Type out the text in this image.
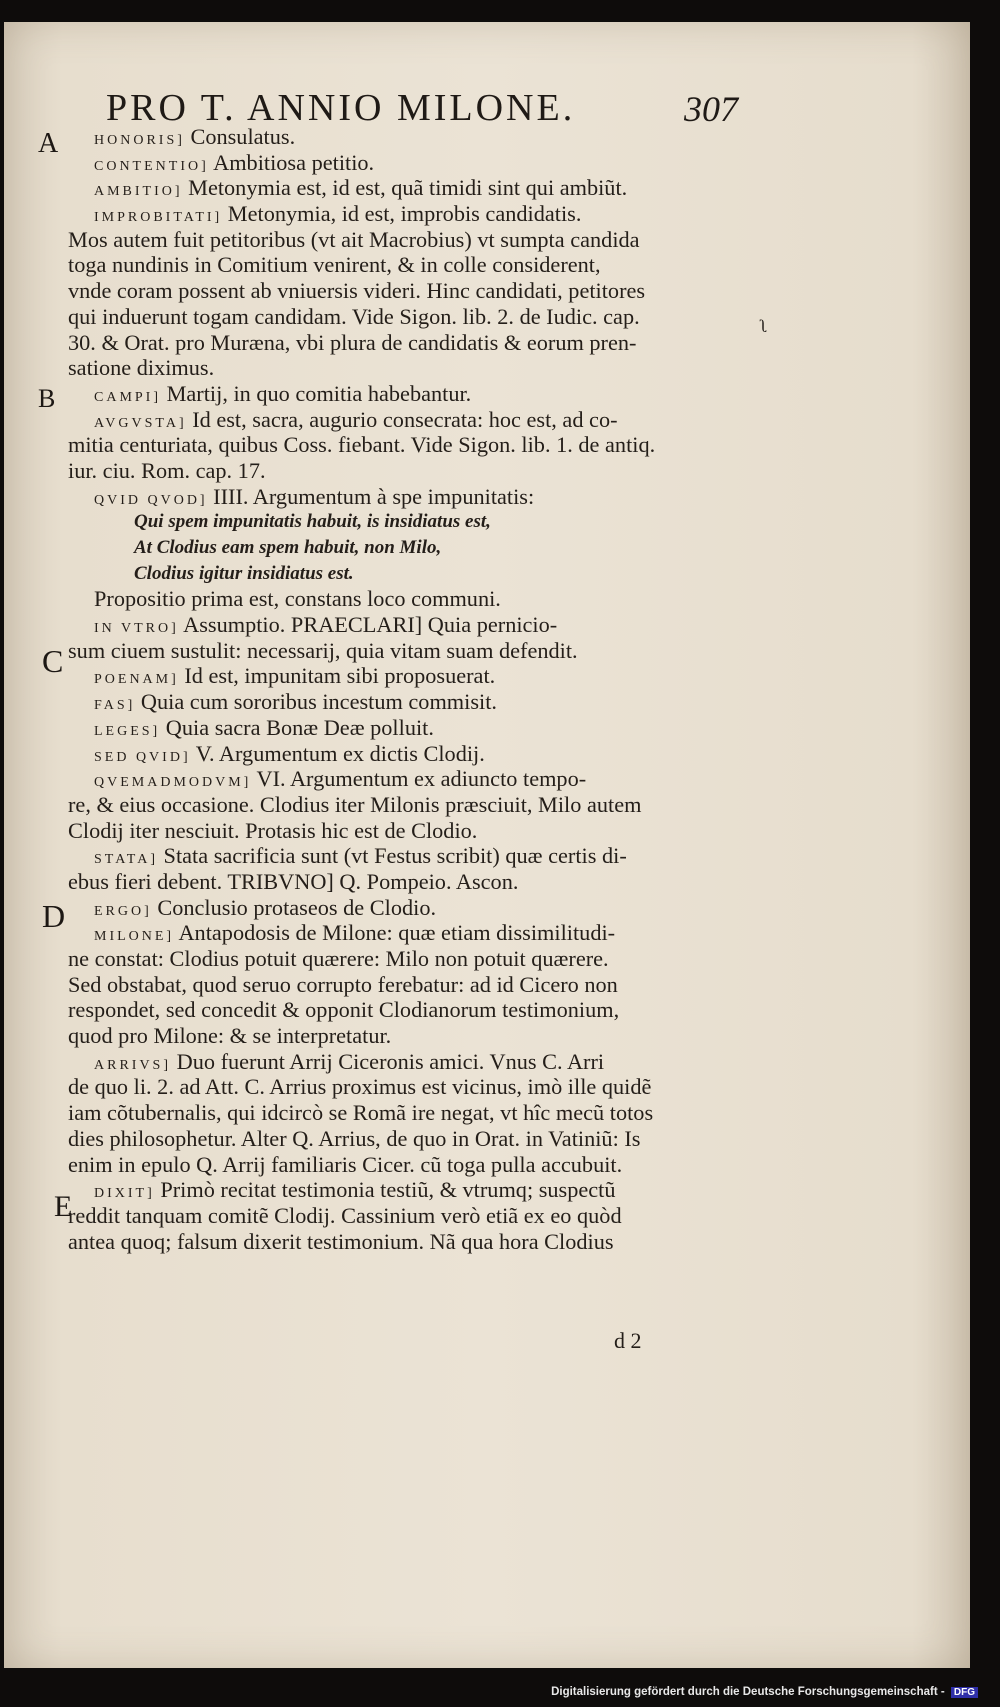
PRO T. ANNIO MILONE.	307
A
B
C
D
E
ʅ
HONORIS] Consulatus.
CONTENTIO] Ambitiosa petitio.
AMBITIO] Metonymia est, id est, quã timidi sint qui ambiũt.
IMPROBITATI] Metonymia, id est, improbis candidatis.
Mos autem fuit petitoribus (vt ait Macrobius) vt sumpta candida
toga nundinis in Comitium venirent, & in colle considerent,
vnde coram possent ab vniuersis videri. Hinc candidati, petitores
qui induerunt togam candidam. Vide Sigon. lib. 2. de Iudic. cap.
30. & Orat. pro Muræna, vbi plura de candidatis & eorum pren-
satione diximus.
CAMPI] Martij, in quo comitia habebantur.
AVGVSTA] Id est, sacra, augurio consecrata: hoc est, ad co-
mitia centuriata, quibus Coss. fiebant. Vide Sigon. lib. 1. de antiq.
iur. ciu. Rom. cap. 17.
QVID QVOD] IIII. Argumentum à spe impunitatis:
Qui spem impunitatis habuit, is insidiatus est,
At Clodius eam spem habuit, non Milo,
Clodius igitur insidiatus est.
Propositio prima est, constans loco communi.
IN VTRO] Assumptio. PRAECLARI] Quia pernicio-
sum ciuem sustulit: necessarij, quia vitam suam defendit.
POENAM] Id est, impunitam sibi proposuerat.
FAS] Quia cum sororibus incestum commisit.
LEGES] Quia sacra Bonæ Deæ polluit.
SED QVID] V. Argumentum ex dictis Clodij.
QVEMADMODVM] VI. Argumentum ex adiuncto tempo-
re, & eius occasione. Clodius iter Milonis præsciuit, Milo autem
Clodij iter nesciuit. Protasis hic est de Clodio.
STATA] Stata sacrificia sunt (vt Festus scribit) quæ certis di-
ebus fieri debent. TRIBVNO] Q. Pompeio. Ascon.
ERGO] Conclusio protaseos de Clodio.
MILONE] Antapodosis de Milone: quæ etiam dissimilitudi-
ne constat: Clodius potuit quærere: Milo non potuit quærere.
Sed obstabat, quod seruo corrupto ferebatur: ad id Cicero non
respondet, sed concedit & opponit Clodianorum testimonium,
quod pro Milone: & se interpretatur.
ARRIVS] Duo fuerunt Arrij Ciceronis amici. Vnus C. Arri
de quo li. 2. ad Att. C. Arrius proximus est vicinus, imò ille quidẽ
iam cõtubernalis, qui idcircò se Romã ire negat, vt hîc mecũ totos
dies philosophetur. Alter Q. Arrius, de quo in Orat. in Vatiniũ: Is
enim in epulo Q. Arrij familiaris Cicer. cũ toga pulla accubuit.
DIXIT] Primò recitat testimonia testiũ, & vtrumq; suspectũ
reddit tanquam comitẽ Clodij. Cassinium verò etiã ex eo quòd
antea quoq; falsum dixerit testimonium. Nã qua hora Clodius
d 2
Digitalisierung gefördert durch die Deutsche Forschungsgemeinschaft - DFG
